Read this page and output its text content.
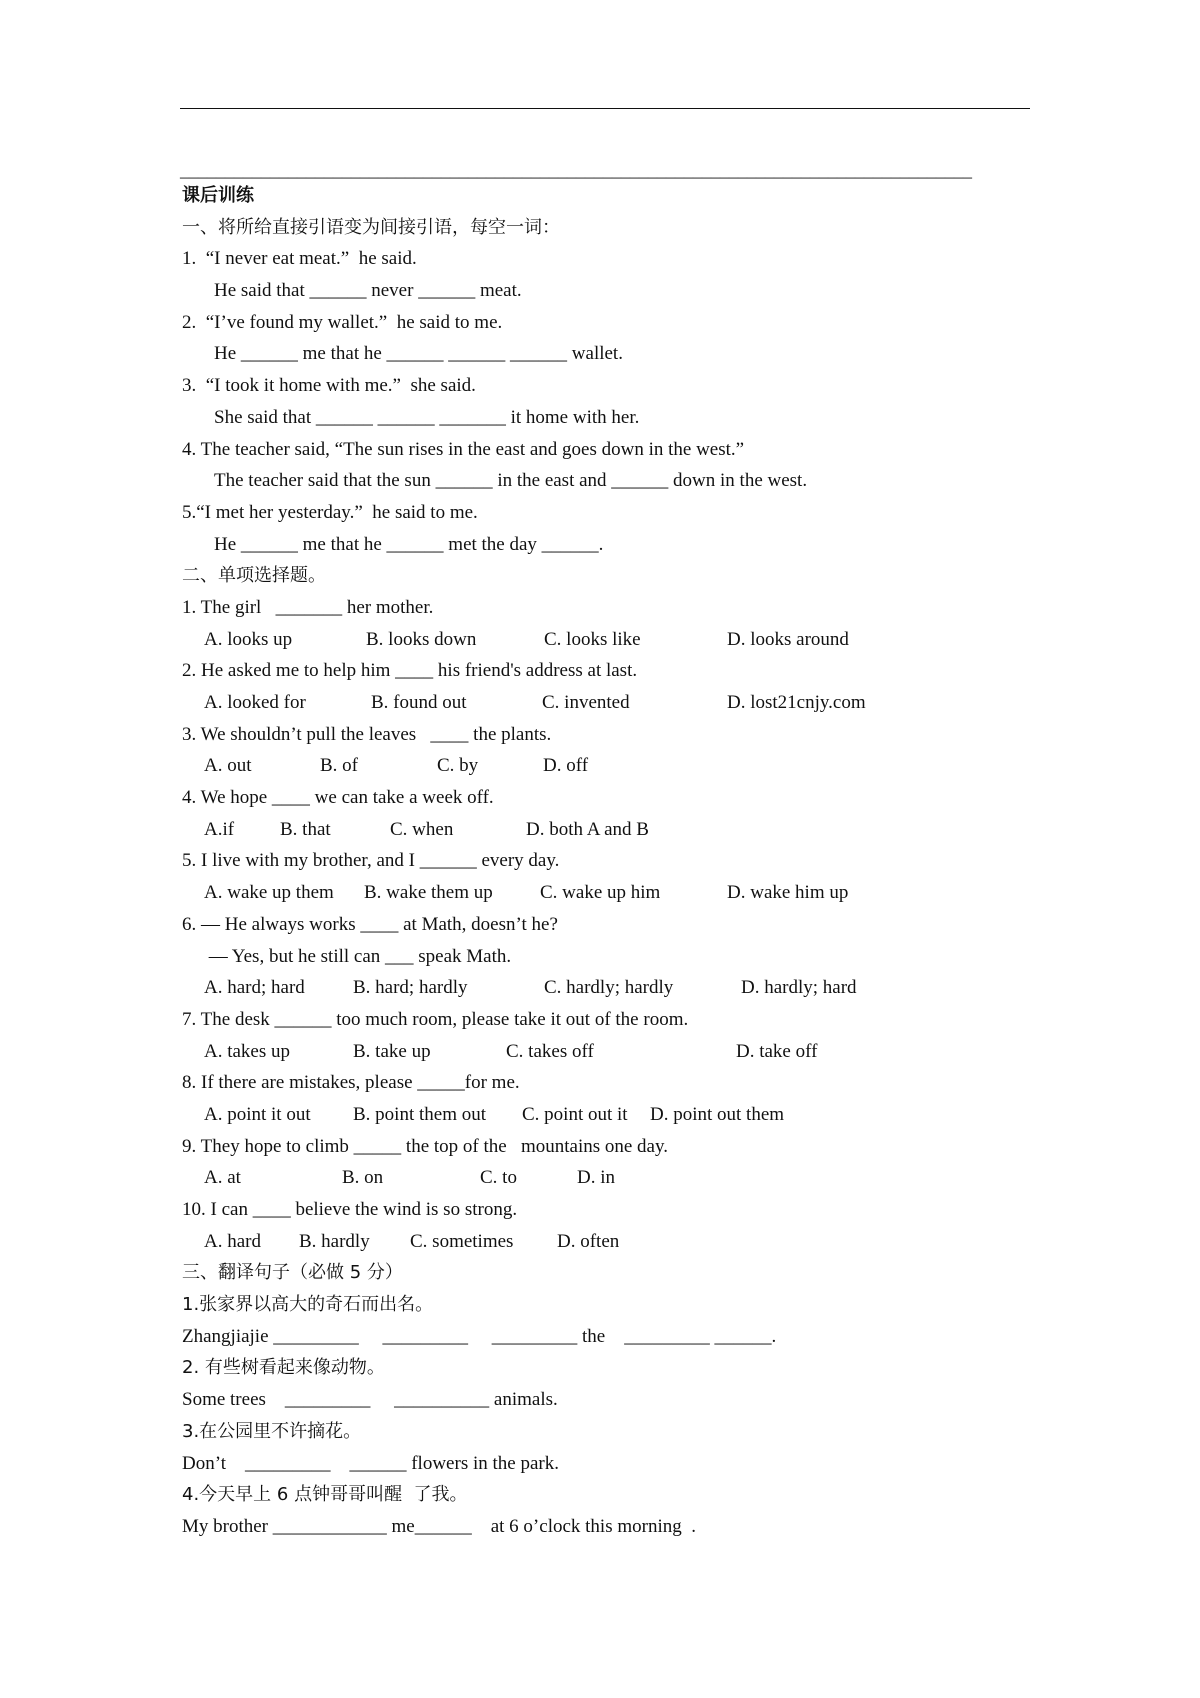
________________________________________________________________________________________
课后训练
一、将所给直接引语变为间接引语，每空一词：
1.  “I never eat meat.”  he said.
He said that ______ never ______ meat.
2.  “I’ve found my wallet.”  he said to me.
He ______ me that he ______ ______ ______ wallet.
3.  “I took it home with me.”  she said.
She said that ______ ______ _______ it home with her.
4. The teacher said, “The sun rises in the east and goes down in the west.”
The teacher said that the sun ______ in the east and ______ down in the west.
5.“I met her yesterday.”  he said to me.
He ______ me that he ______ met the day ______.
二、单项选择题。
1. The girl   _______ her mother.
A. looks up	B. looks down	C. looks like	D. looks around
2. He asked me to help him ____ his friend's address at last.
A. looked for	B. found out	C. invented	D. lost21cnjy.com
3. We shouldn’t pull the leaves   ____ the plants.
A. out	B. of	C. by	D. off
4. We hope ____ we can take a week off.
A.if	B. that	C. when	D. both A and B
5. I live with my brother, and I ______ every day.
A. wake up them	B. wake them up	C. wake up him	D. wake him up
6. — He always works ____ at Math, doesn’t he?
— Yes, but he still can ___ speak Math.
A. hard; hard	B. hard; hardly	C. hardly; hardly	D. hardly; hard
7. The desk ______ too much room, please take it out of the room.
A. takes up	B. take up	C. takes off	D. take off
8. If there are mistakes, please _____for me.
A. point it out	B. point them out	C. point out it	D. point out them
9. They hope to climb _____ the top of the   mountains one day.
A. at	B. on	C. to	D. in
10. I can ____ believe the wind is so strong.
A. hard	B. hardly	C. sometimes	D. often
三、翻译句子（必做 5 分）
1.张家界以高大的奇石而出名。
Zhangjiajie _________     _________     _________ the    _________ ______.
2. 有些树看起来像动物。
Some trees    _________     __________ animals.
3.在公园里不许摘花。
Don’t    _________    ______ flowers in the park.
4.今天早上 6 点钟哥哥叫醒  了我。
My brother ____________ me______    at 6 o’clock this morning  .
